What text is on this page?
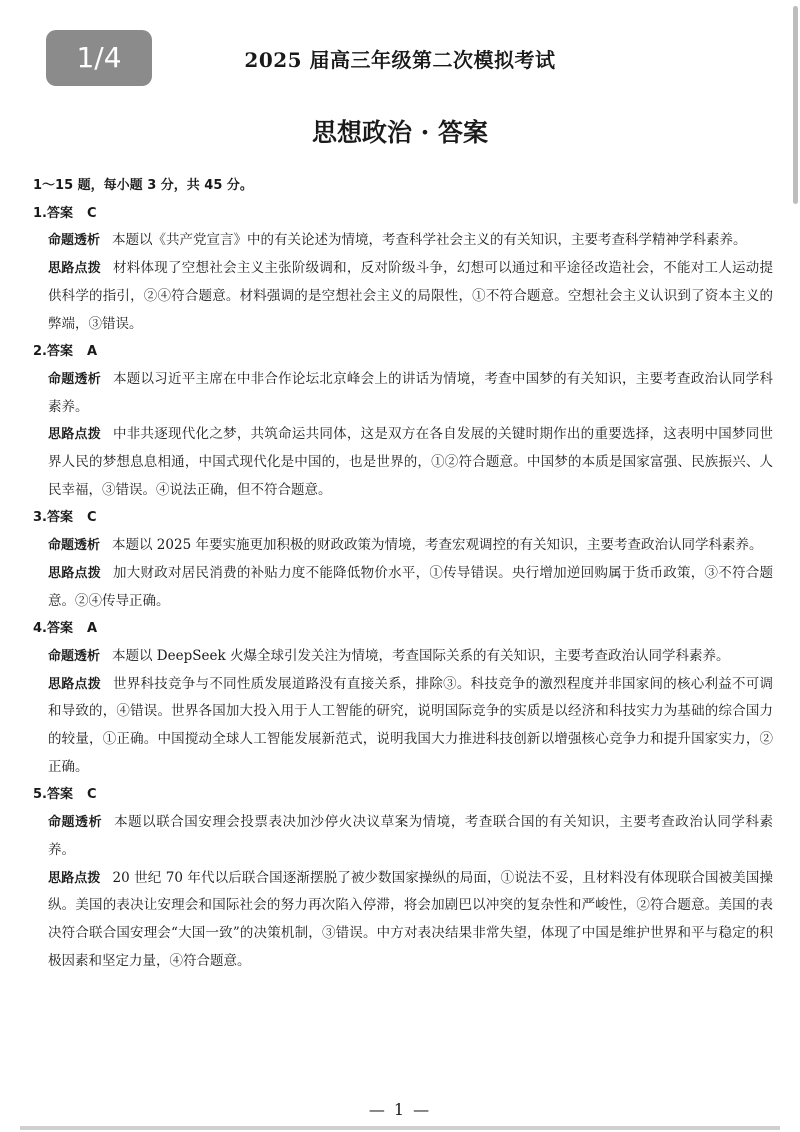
1/4	2025 届高三年级第二次模拟考试
思想政治 · 答案
1～15 题，每小题 3 分，共 45 分。
1.答案 C
命题透析 本题以《共产党宣言》中的有关论述为情境，考查科学社会主义的有关知识，主要考查科学精神学科素养。
思路点拨 材料体现了空想社会主义主张阶级调和，反对阶级斗争，幻想可以通过和平途径改造社会，不能对工人运动提供科学的指引，②④符合题意。材料强调的是空想社会主义的局限性，①不符合题意。空想社会主义认识到了资本主义的弊端，③错误。
2.答案 A
命题透析 本题以习近平主席在中非合作论坛北京峰会上的讲话为情境，考查中国梦的有关知识，主要考查政治认同学科素养。
思路点拨 中非共逐现代化之梦，共筑命运共同体，这是双方在各自发展的关键时期作出的重要选择，这表明中国梦同世界人民的梦想息息相通，中国式现代化是中国的，也是世界的，①②符合题意。中国梦的本质是国家富强、民族振兴、人民幸福，③错误。④说法正确，但不符合题意。
3.答案 C
命题透析 本题以 2025 年要实施更加积极的财政政策为情境，考查宏观调控的有关知识，主要考查政治认同学科素养。
思路点拨 加大财政对居民消费的补贴力度不能降低物价水平，①传导错误。央行增加逆回购属于货币政策，③不符合题意。②④传导正确。
4.答案 A
命题透析 本题以 DeepSeek 火爆全球引发关注为情境，考查国际关系的有关知识，主要考查政治认同学科素养。
思路点拨 世界科技竞争与不同性质发展道路没有直接关系，排除③。科技竞争的激烈程度并非国家间的核心利益不可调和导致的，④错误。世界各国加大投入用于人工智能的研究，说明国际竞争的实质是以经济和科技实力为基础的综合国力的较量，①正确。中国搅动全球人工智能发展新范式，说明我国大力推进科技创新以增强核心竞争力和提升国家实力，②正确。
5.答案 C
命题透析 本题以联合国安理会投票表决加沙停火决议草案为情境，考查联合国的有关知识，主要考查政治认同学科素养。
思路点拨 20 世纪 70 年代以后联合国逐渐摆脱了被少数国家操纵的局面，①说法不妥，且材料没有体现联合国被美国操纵。美国的表决让安理会和国际社会的努力再次陷入停滞，将会加剧巴以冲突的复杂性和严峻性，②符合题意。美国的表决符合联合国安理会“大国一致”的决策机制，③错误。中方对表决结果非常失望，体现了中国是维护世界和平与稳定的积极因素和坚定力量，④符合题意。
— 1 —
